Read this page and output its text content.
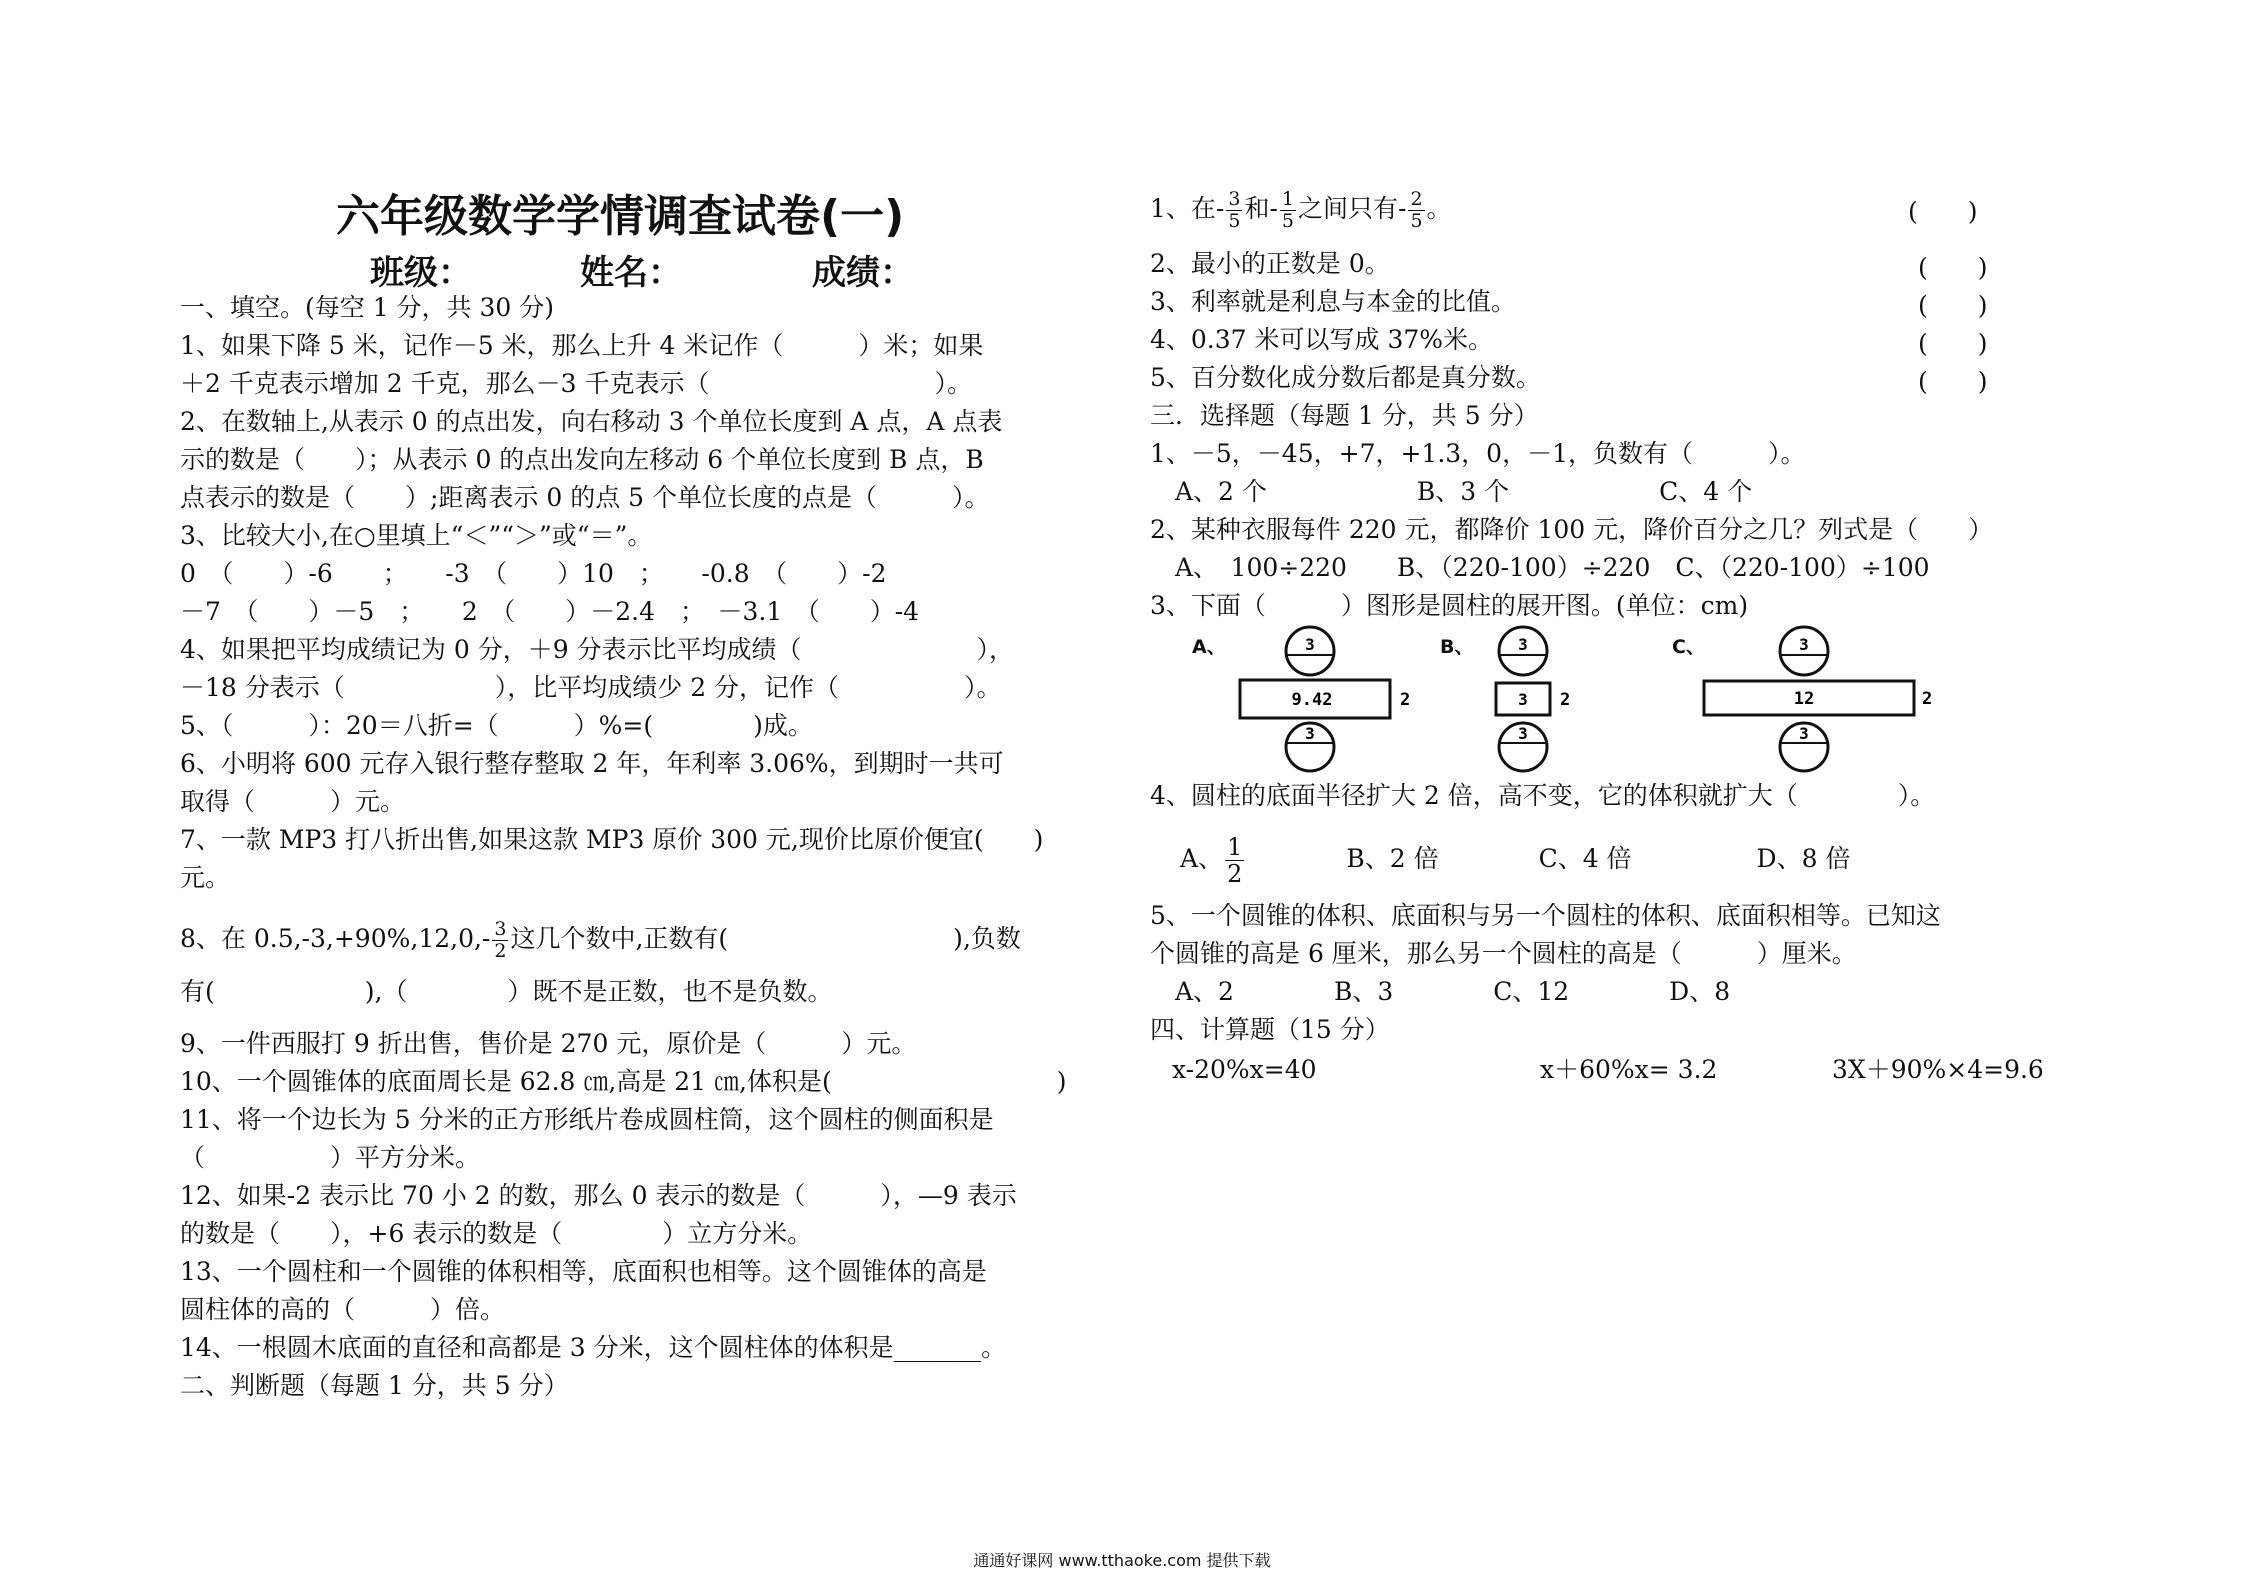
六年级数学学情调查试卷(一)
班级：	姓名：	成绩：
一、填空。(每空 1 分，共 30 分)
1、如果下降 5 米，记作－5 米，那么上升 4 米记作（　　　）米；如果
＋2 千克表示增加 2 千克，那么－3 千克表示（　　　　　　　　　）。
2、在数轴上,从表示 0 的点出发，向右移动 3 个单位长度到 A 点，A 点表
示的数是（　　）；从表示 0 的点出发向左移动 6 个单位长度到 B 点，B
点表示的数是（　　）;距离表示 0 的点 5 个单位长度的点是（　　　）。
3、比较大小,在○里填上“＜”“＞”或“＝”。
0　（　　）-6　　；　　-3　（　　）10　；　　-0.8　（　　）-2
－7　（　　）－5　；　　2　（　　）－2.4　；　－3.1　（　　）-4
4、如果把平均成绩记为 0 分，＋9 分表示比平均成绩（　　　　　　　），
－18 分表示（　　　　　　），比平均成绩少 2 分，记作（　　　　　）。
5、（　　　）：20＝八折=（　　　）%=(　　　　)成。
6、小明将 600 元存入银行整存整取 2 年，年利率 3.06%，到期时一共可
取得（　　　）元。
7、一款 MP3 打八折出售,如果这款 MP3 原价 300 元,现价比原价便宜(　　)
元。
8、在 $0.5,-3,+90\%,12,0,- \frac{3}{2}$ 这几个数中,正数有(　　　　　　　　　),负数
有(　　　　　　),（　　　　）既不是正数，也不是负数。
9、一件西服打 9 折出售，售价是 270 元，原价是（　　　）元。
10、一个圆锥体的底面周长是 62.8 ㎝,高是 21 ㎝,体积是(　　　　　　　　　)
11、将一个边长为 5 分米的正方形纸片卷成圆柱筒，这个圆柱的侧面积是
（　　　　　）平方分米。
12、如果-2 表示比 70 小 2 的数，那么 0 表示的数是（　　　），—9 表示
的数是（　　），+6 表示的数是（　　　　）立方分米。
13、一个圆柱和一个圆锥的体积相等，底面积也相等。这个圆锥体的高是
圆柱体的高的（　　　）倍。
14、一根圆木底面的直径和高都是 3 分米，这个圆柱体的体积是_______。
二、判断题（每题 1 分，共 5 分）
1、在- $\frac{3}{5}$ 和- $\frac{1}{5}$ 之间只有- $\frac{2}{5}$ 。	(　　)
2、最小的正数是 0。	(　　)
3、利率就是利息与本金的比值。	(　　)
4、0.37 米可以写成 37%米。	(　　)
5、百分数化成分数后都是真分数。	(　　)
三．选择题（每题 1 分，共 5 分）
1、－5，－45，+7，+1.3，0，－1，负数有（　　　）。
　A、2 个　　　　　　B、3 个　　　　　　C、4 个
2、某种衣服每件 220 元，都降价 100 元，降价百分之几？列式是（　　）
　A、　100÷220　　B、（220-100）÷220　C、（220-100）÷100
3、下面（　　　）图形是圆柱的展开图。(单位：cm)
A、	3
9.42	2
3
B、	3
3 2
3
C、	3
12	2
3
4、圆柱的底面半径扩大 2 倍，高不变，它的体积就扩大（　　　　）。
A、 $\frac{1}{2}$ 　　　　B、2 倍　　　　C、4 倍　　　　　D、8 倍
5、一个圆锥的体积、底面积与另一个圆柱的体积、底面积相等。已知这
个圆锥的高是 6 厘米，那么另一个圆柱的高是（　　　）厘米。
　A、2　　　　B、3　　　　C、12　　　　D、8
四、计算题（15 分）
x-20%x=40	x＋60%x= 3.2	3X＋90%×4=9.6
通通好课网 www.tthaoke.com 提供下载
